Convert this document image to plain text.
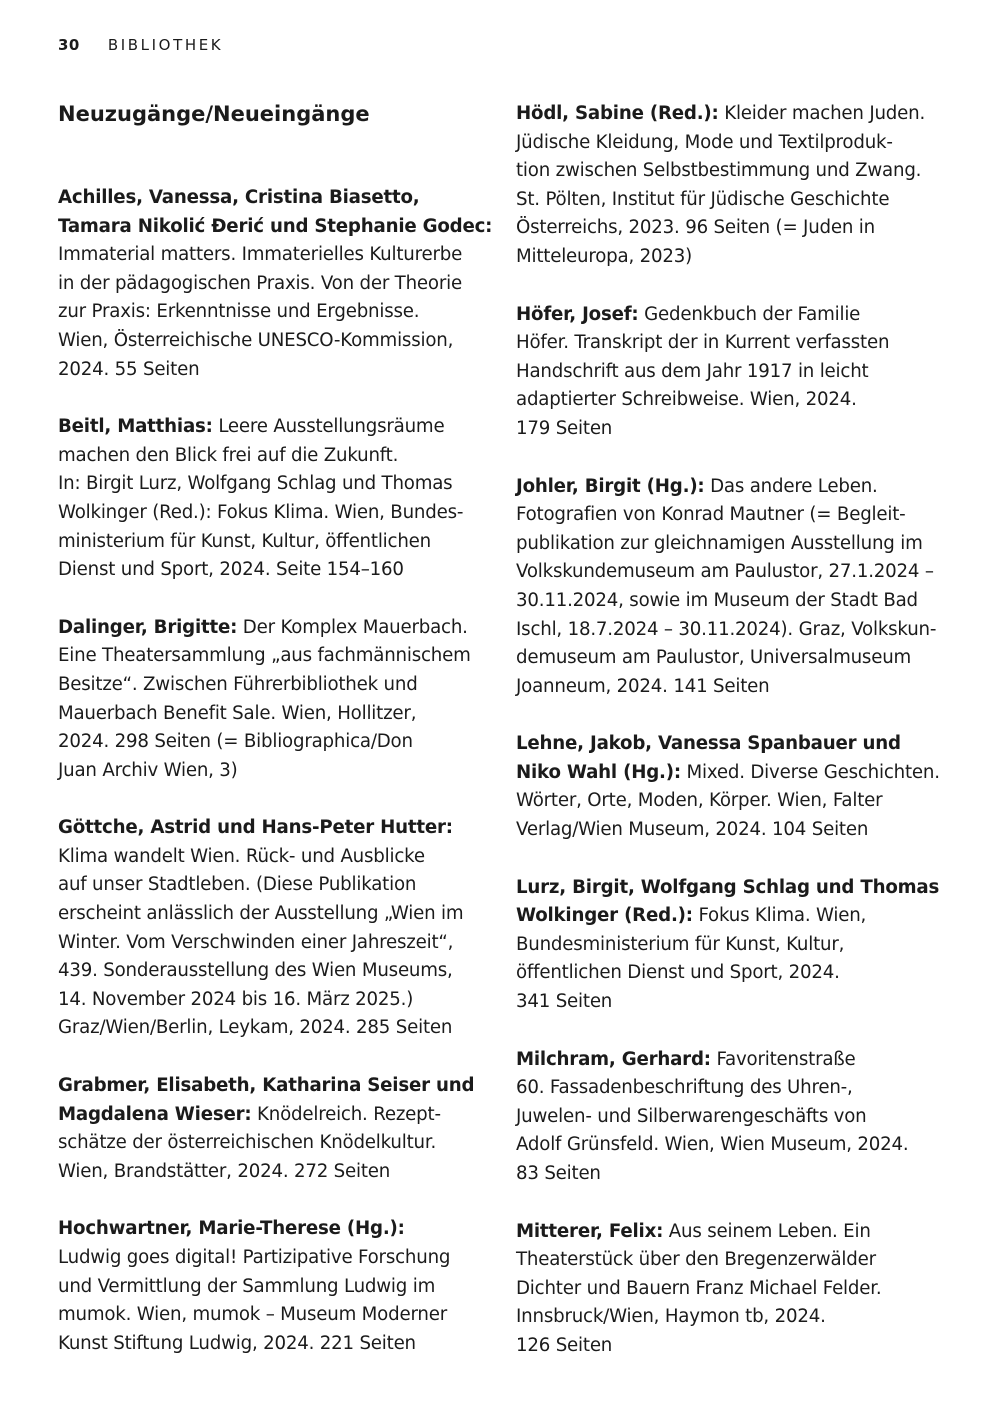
30 BIBLIOTHEK
Neuzugänge/Neueingänge
Achilles, Vanessa, Cristina Biasetto,
Tamara Nikolić Đerić und Stephanie Godec:
Immaterial matters. Immaterielles Kulturerbe
in der pädagogischen Praxis. Von der Theorie
zur Praxis: Erkenntnisse und Ergebnisse.
Wien, Österreichische UNESCO-Kommission,
2024. 55 Seiten
Beitl, Matthias: Leere Ausstellungsräume
machen den Blick frei auf die Zukunft.
In: Birgit Lurz, Wolfgang Schlag und Thomas
Wolkinger (Red.): Fokus Klima. Wien, Bundes-
ministerium für Kunst, Kultur, öffentlichen
Dienst und Sport, 2024. Seite 154–160
Dalinger, Brigitte: Der Komplex Mauerbach.
Eine Theatersammlung „aus fachmännischem
Besitze“. Zwischen Führerbibliothek und
Mauerbach Benefit Sale. Wien, Hollitzer,
2024. 298 Seiten (= Bibliographica/Don
Juan Archiv Wien, 3)
Göttche, Astrid und Hans-Peter Hutter:
Klima wandelt Wien. Rück- und Ausblicke
auf unser Stadtleben. (Diese Publikation
erscheint anlässlich der Ausstellung „Wien im
Winter. Vom Verschwinden einer Jahreszeit“,
439. Sonderausstellung des Wien Museums,
14. November 2024 bis 16. März 2025.)
Graz/Wien/Berlin, Leykam, 2024. 285 Seiten
Grabmer, Elisabeth, Katharina Seiser und
Magdalena Wieser: Knödelreich. Rezept-
schätze der österreichischen Knödelkultur.
Wien, Brandstätter, 2024. 272 Seiten
Hochwartner, Marie-Therese (Hg.):
Ludwig goes digital! Partizipative Forschung
und Vermittlung der Sammlung Ludwig im
mumok. Wien, mumok – Museum Moderner
Kunst Stiftung Ludwig, 2024. 221 Seiten
Hödl, Sabine (Red.): Kleider machen Juden.
Jüdische Kleidung, Mode und Textilproduk-
tion zwischen Selbstbestimmung und Zwang.
St. Pölten, Institut für Jüdische Geschichte
Österreichs, 2023. 96 Seiten (= Juden in
Mitteleuropa, 2023)
Höfer, Josef: Gedenkbuch der Familie
Höfer. Transkript der in Kurrent verfassten
Handschrift aus dem Jahr 1917 in leicht
adaptierter Schreibweise. Wien, 2024.
179 Seiten
Johler, Birgit (Hg.): Das andere Leben.
Fotografien von Konrad Mautner (= Begleit-
publikation zur gleichnamigen Ausstellung im
Volkskundemuseum am Paulustor, 27.1.2024 –
30.11.2024, sowie im Museum der Stadt Bad
Ischl, 18.7.2024 – 30.11.2024). Graz, Volkskun-
demuseum am Paulustor, Universalmuseum
Joanneum, 2024. 141 Seiten
Lehne, Jakob, Vanessa Spanbauer und
Niko Wahl (Hg.): Mixed. Diverse Geschichten.
Wörter, Orte, Moden, Körper. Wien, Falter
Verlag/Wien Museum, 2024. 104 Seiten
Lurz, Birgit, Wolfgang Schlag und Thomas
Wolkinger (Red.): Fokus Klima. Wien,
Bundesministerium für Kunst, Kultur,
öffentlichen Dienst und Sport, 2024.
341 Seiten
Milchram, Gerhard: Favoritenstraße
60. Fassadenbeschriftung des Uhren-,
Juwelen- und Silberwarengeschäfts von
Adolf Grünsfeld. Wien, Wien Museum, 2024.
83 Seiten
Mitterer, Felix: Aus seinem Leben. Ein
Theaterstück über den Bregenzerwälder
Dichter und Bauern Franz Michael Felder.
Innsbruck/Wien, Haymon tb, 2024.
126 Seiten
